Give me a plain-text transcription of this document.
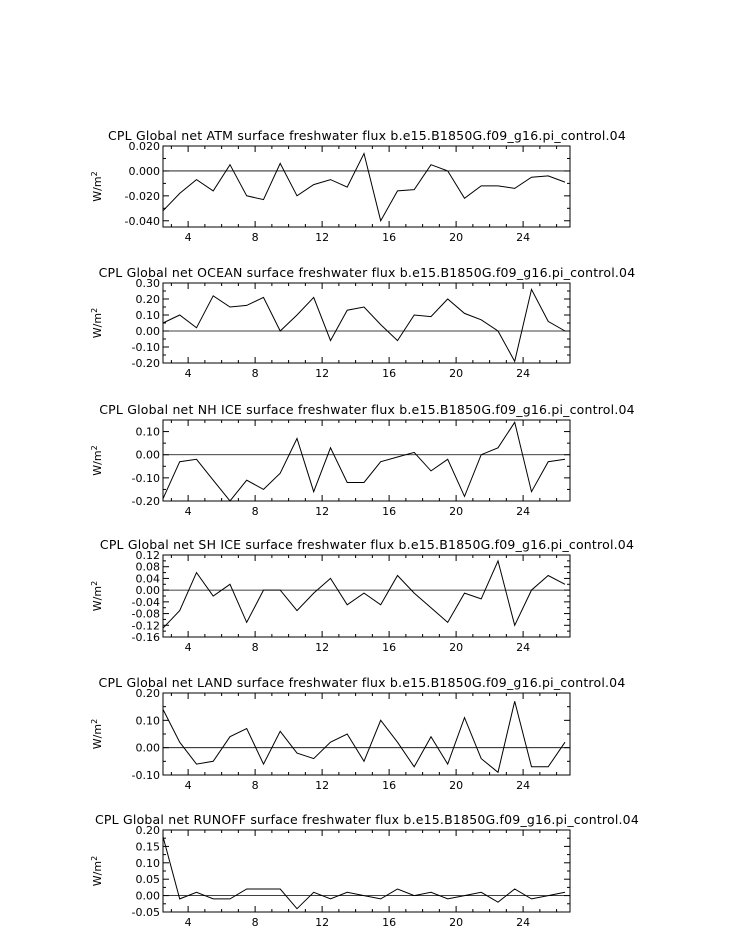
CPL Global net ATM surface freshwater flux b.e15.B1850G.f09_g16.pi_control.04
4	8	12	16	20	24
0.020
0.000
-0.020
-0.040
$W/m^2$
CPL Global net OCEAN surface freshwater flux b.e15.B1850G.f09_g16.pi_control.04
4	8	12	16	20	24
0.30
0.20
0.10
0.00
-0.10
-0.20
$W/m^2$
CPL Global net NH ICE surface freshwater flux b.e15.B1850G.f09_g16.pi_control.04
4	8	12	16	20	24
0.10
0.00
-0.10
-0.20
$W/m^2$
CPL Global net SH ICE surface freshwater flux b.e15.B1850G.f09_g16.pi_control.04
4	8	12	16	20	24
0.12
0.08
0.04
0.00
-0.04
-0.08
-0.12
-0.16
$W/m^2$
CPL Global net LAND surface freshwater flux b.e15.B1850G.f09_g16.pi_control.04
4	8	12	16	20	24
0.20
0.10
0.00
-0.10
$W/m^2$
CPL Global net RUNOFF surface freshwater flux b.e15.B1850G.f09_g16.pi_control.04
4	8	12	16	20	24
0.20
0.15
0.10
0.05
0.00
-0.05
$W/m^2$
